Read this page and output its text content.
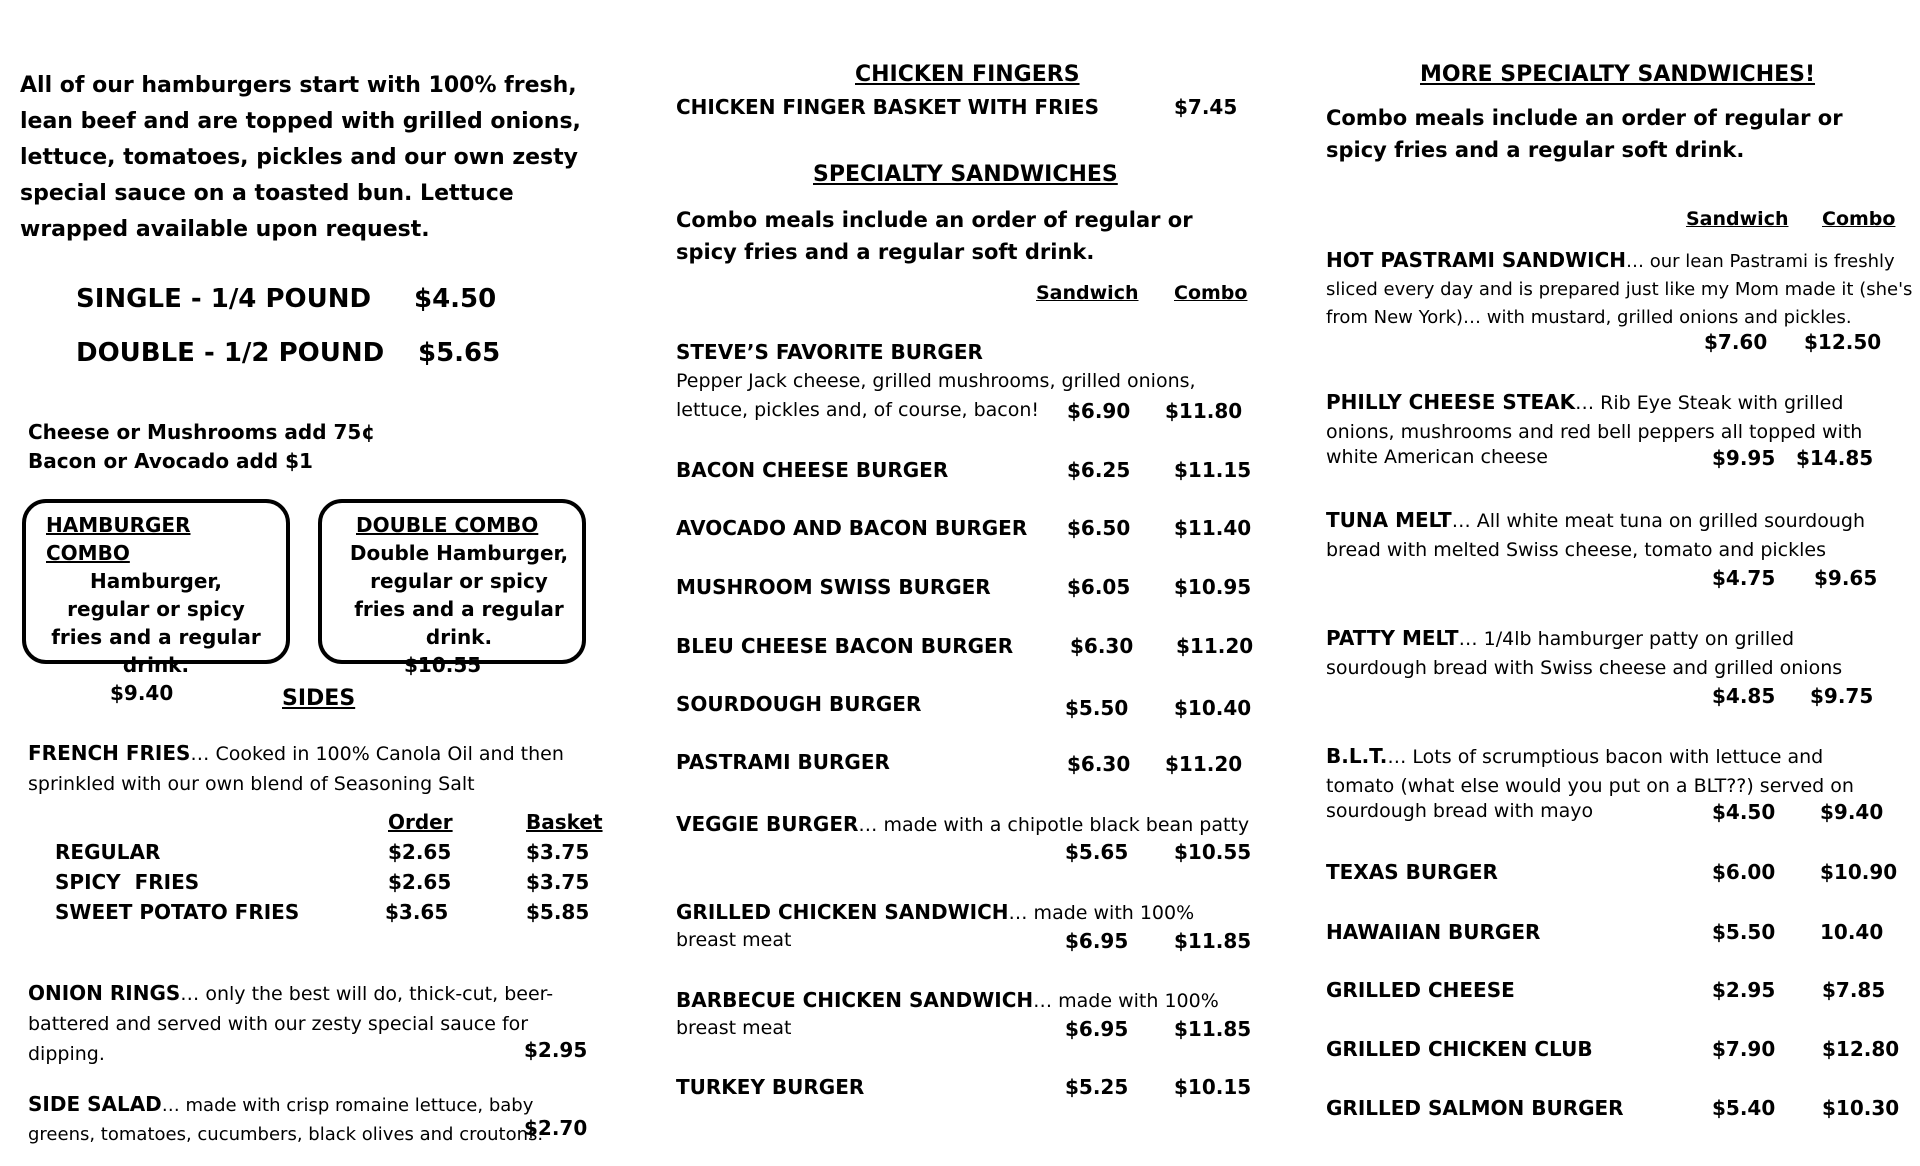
All of our hamburgers start with 100% fresh, lean beef and are topped with grilled onions, lettuce, tomatoes, pickles and our own zesty special sauce on a toasted bun. Lettuce wrapped available upon request.
SINGLE - 1/4 POUND $4.50
DOUBLE - 1/2 POUND $5.65
Cheese or Mushrooms add 75¢
Bacon or Avocado add $1
HAMBURGER COMBO
Hamburger, regular or spicy fries and a regular drink.
$9.40
DOUBLE COMBO
Double Hamburger, regular or spicy fries and a regular drink.
$10.55
SIDES
FRENCH FRIES… Cooked in 100% Canola Oil and then sprinkled with our own blend of Seasoning Salt
Order	Basket
REGULAR	$2.65	$3.75
SPICY  FRIES	$2.65	$3.75
SWEET POTATO FRIES	$3.65	$5.85
ONION RINGS… only the best will do, thick-cut, beer-battered and served with our zesty special sauce for dipping.	$2.95
SIDE SALAD… made with crisp romaine lettuce, baby greens, tomatoes, cucumbers, black olives and croutons.
$2.70
CHICKEN FINGERS
CHICKEN FINGER BASKET WITH FRIES	$7.45
SPECIALTY SANDWICHES
Combo meals include an order of regular or spicy fries and a regular soft drink.
Sandwich Combo
STEVE’S FAVORITE BURGER
Pepper Jack cheese, grilled mushrooms, grilled onions,
lettuce, pickles and, of course, bacon! $6.90 $11.80
BACON CHEESE BURGER	$6.25 $11.15
AVOCADO AND BACON BURGER $6.50 $11.40
MUSHROOM SWISS BURGER	$6.05 $10.95
BLEU CHEESE BACON BURGER	$6.30 $11.20
SOURDOUGH BURGER	$5.50 $10.40
PASTRAMI BURGER	$6.30 $11.20
VEGGIE BURGER… made with a chipotle black bean patty
$5.65 $10.55
GRILLED CHICKEN SANDWICH… made with 100%
breast meat	$6.95 $11.85
BARBECUE CHICKEN SANDWICH… made with 100%
breast meat	$6.95 $11.85
TURKEY BURGER	$5.25 $10.15
MORE SPECIALTY SANDWICHES!
Combo meals include an order of regular or spicy fries and a regular soft drink.
Sandwich Combo
HOT PASTRAMI SANDWICH… our lean Pastrami is freshly sliced every day and is prepared just like my Mom made it (she's from New York)… with mustard, grilled onions and pickles.
$7.60 $12.50
PHILLY CHEESE STEAK… Rib Eye Steak with grilled onions, mushrooms and red bell peppers all topped with
white American cheese	$9.95 $14.85
TUNA MELT… All white meat tuna on grilled sourdough bread with melted Swiss cheese, tomato and pickles
$4.75 $9.65
PATTY MELT… 1/4lb hamburger patty on grilled sourdough bread with Swiss cheese and grilled onions
$4.85 $9.75
B.L.T.… Lots of scrumptious bacon with lettuce and tomato (what else would you put on a BLT??) served on
sourdough bread with mayo	$4.50 $9.40
TEXAS BURGER	$6.00 $10.90
HAWAIIAN BURGER	$5.50 10.40
GRILLED CHEESE	$2.95 $7.85
GRILLED CHICKEN CLUB	$7.90 $12.80
GRILLED SALMON BURGER	$5.40 $10.30
